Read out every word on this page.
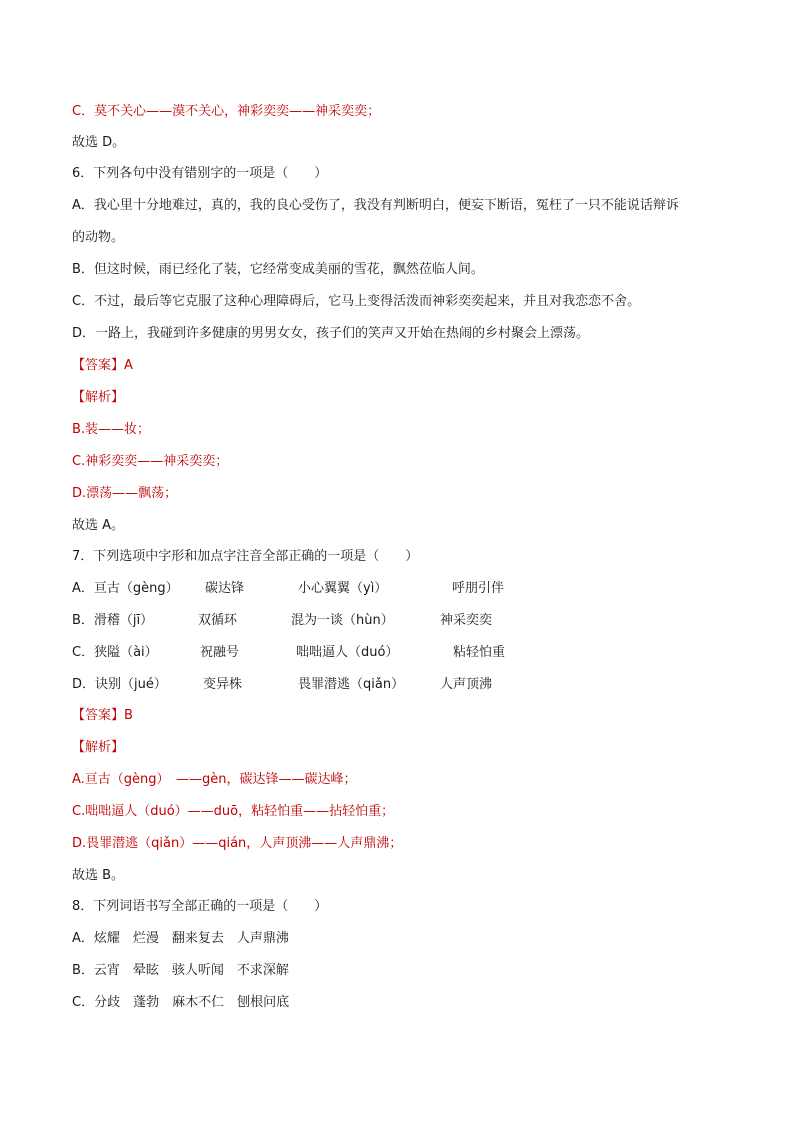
C．莫不关心——漠不关心，神彩奕奕——神采奕奕；
故选 D。
6．下列各句中没有错别字的一项是（　　）
A．我心里十分地难过，真的，我的良心受伤了，我没有判断明白，便妄下断语，冤枉了一只不能说话辩诉
的动物。
B．但这时候，雨已经化了装，它经常变成美丽的雪花，飘然莅临人间。
C．不过，最后等它克服了这种心理障碍后，它马上变得活泼而神彩奕奕起来，并且对我恋恋不舍。
D．一路上，我碰到许多健康的男男女女，孩子们的笑声又开始在热闹的乡村聚会上漂荡。
【答案】A
【解析】
B.装——妆；
C.神彩奕奕——神采奕奕；
D.漂荡——飘荡；
故选 A。
7．下列选项中字形和加点字注音全部正确的一项是（　　）
A．亘古（gèng） 碳达锋	小心翼翼（yì）	呼朋引伴
B．滑稽（jī）	双循环	混为一谈（hùn）	神采奕奕
C．狭隘（ài）	祝融号	咄咄逼人（duó）	粘轻怕重
D．诀别（jué）	变异株	畏罪潜逃（qiǎn）	人声顶沸
【答案】B
【解析】
A.亘古（gèng）　——gèn，碳达锋——碳达峰；
C.咄咄逼人（duó）——duō，粘轻怕重——拈轻怕重；
D.畏罪潜逃（qiǎn）——qián，人声顶沸——人声鼎沸；
故选 B。
8．下列词语书写全部正确的一项是（　　）
A．炫耀　烂漫　翻来复去　人声鼎沸
B．云宵　晕眩　骇人听闻　不求深解
C．分歧　蓬勃　麻木不仁　刨根问底
